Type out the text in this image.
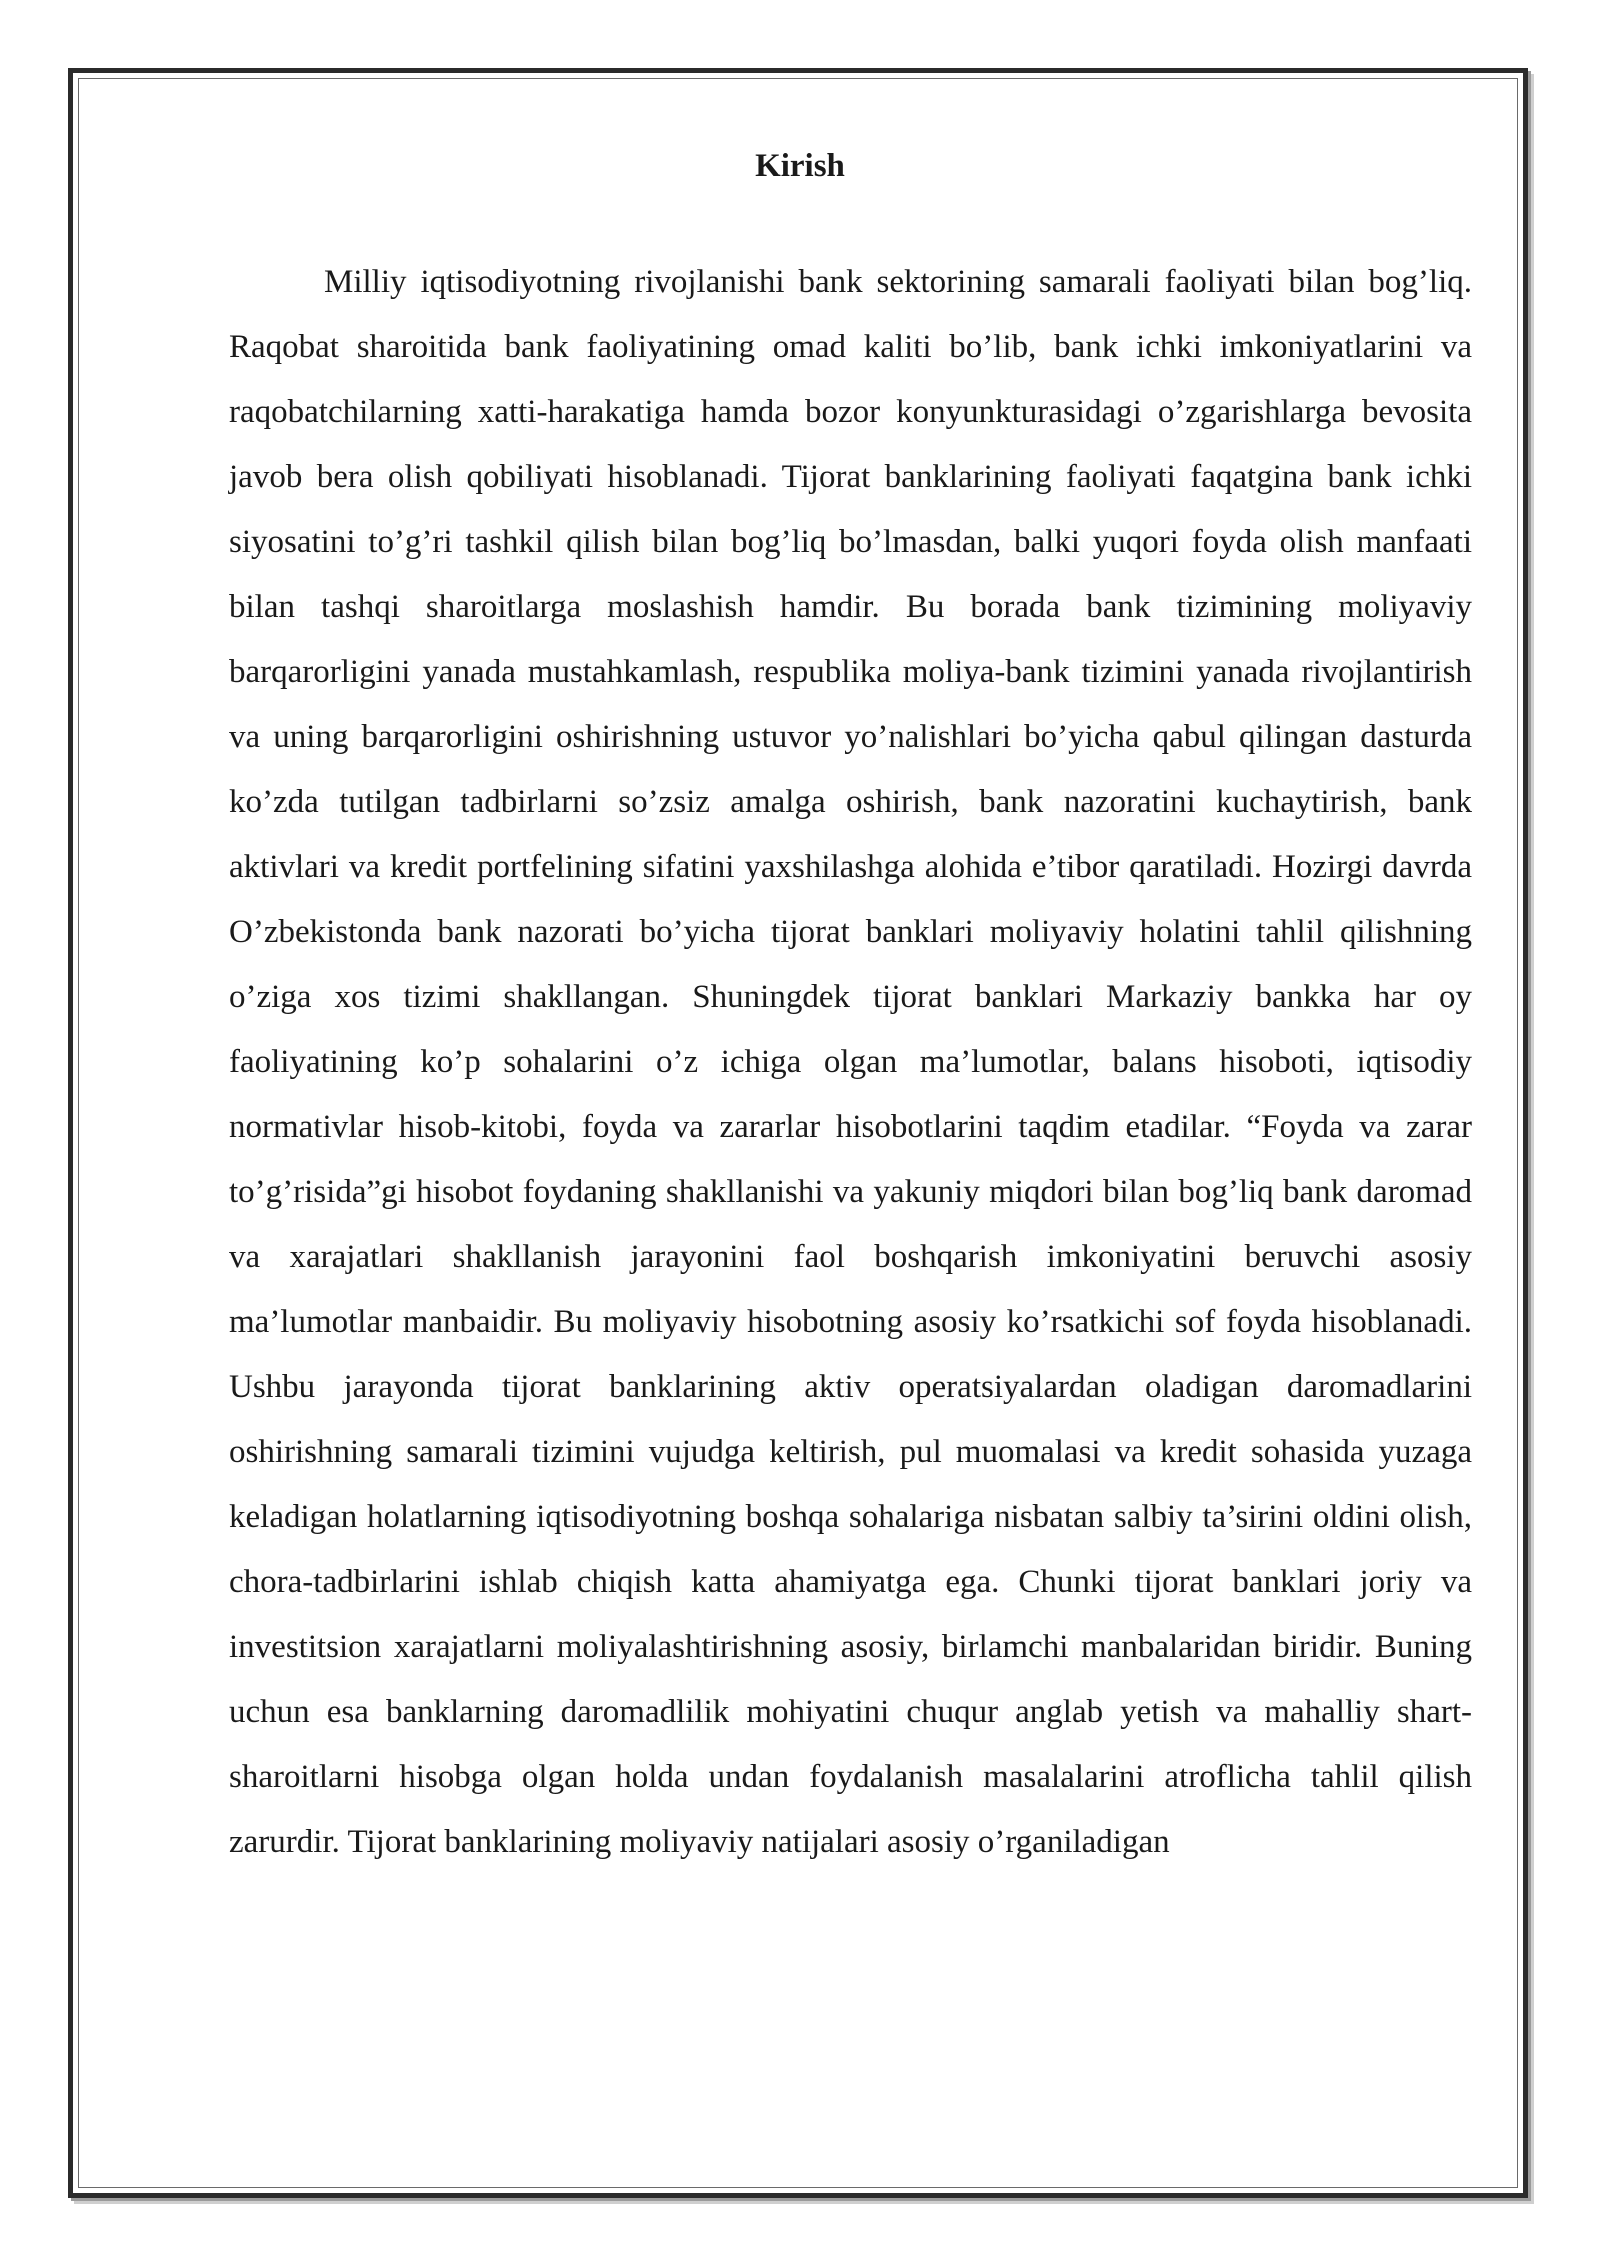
Kirish

Milliy iqtisodiyotning rivojlanishi bank sektorining samarali faoliyati bilan bog’liq. Raqobat sharoitida bank faoliyatining omad kaliti bo’lib, bank ichki imkoniyatlarini va raqobatchilarning xatti-harakatiga hamda bozor konyunkturasidagi o’zgarishlarga bevosita javob bera olish qobiliyati hisoblanadi. Tijorat banklarining faoliyati faqatgina bank ichki siyosatini to’g’ri tashkil qilish bilan bog’liq bo’lmasdan, balki yuqori foyda olish manfaati bilan tashqi sharoitlarga moslashish hamdir. Bu borada bank tizimining moliyaviy barqarorligini yanada mustahkamlash, respublika moliya-bank tizimini yanada rivojlantirish va uning barqarorligini oshirishning ustuvor yo’nalishlari bo’yicha qabul qilingan dasturda ko’zda tutilgan tadbirlarni so’zsiz amalga oshirish, bank nazoratini kuchaytirish, bank aktivlari va kredit portfelining sifatini yaxshilashga alohida e’tibor qaratiladi. Hozirgi davrda O’zbekistonda bank nazorati bo’yicha tijorat banklari moliyaviy holatini tahlil qilishning o’ziga xos tizimi shakllangan. Shuningdek tijorat banklari Markaziy bankka har oy faoliyatining ko’p sohalarini o’z ichiga olgan ma’lumotlar, balans hisoboti, iqtisodiy normativlar hisob-kitobi, foyda va zararlar hisobotlarini taqdim etadilar. “Foyda va zarar to’g’risida”gi hisobot foydaning shakllanishi va yakuniy miqdori bilan bog’liq bank daromad va xarajatlari shakllanish jarayonini faol boshqarish imkoniyatini beruvchi asosiy ma’lumotlar manbaidir. Bu moliyaviy hisobotning asosiy ko’rsatkichi sof foyda hisoblanadi. Ushbu jarayonda tijorat banklarining aktiv operatsiyalardan oladigan daromadlarini oshirishning samarali tizimini vujudga keltirish, pul muomalasi va kredit sohasida yuzaga keladigan holatlarning iqtisodiyotning boshqa sohalariga nisbatan salbiy ta’sirini oldini olish, chora-tadbirlarini ishlab chiqish katta ahamiyatga ega. Chunki tijorat banklari joriy va investitsion xarajatlarni moliyalashtirishning asosiy, birlamchi manbalaridan biridir. Buning uchun esa banklarning daromadlilik mohiyatini chuqur anglab yetish va mahalliy shart-sharoitlarni hisobga olgan holda undan foydalanish masalalarini atroflicha tahlil qilish zarurdir. Tijorat banklarining moliyaviy natijalari asosiy o’rganiladigan
